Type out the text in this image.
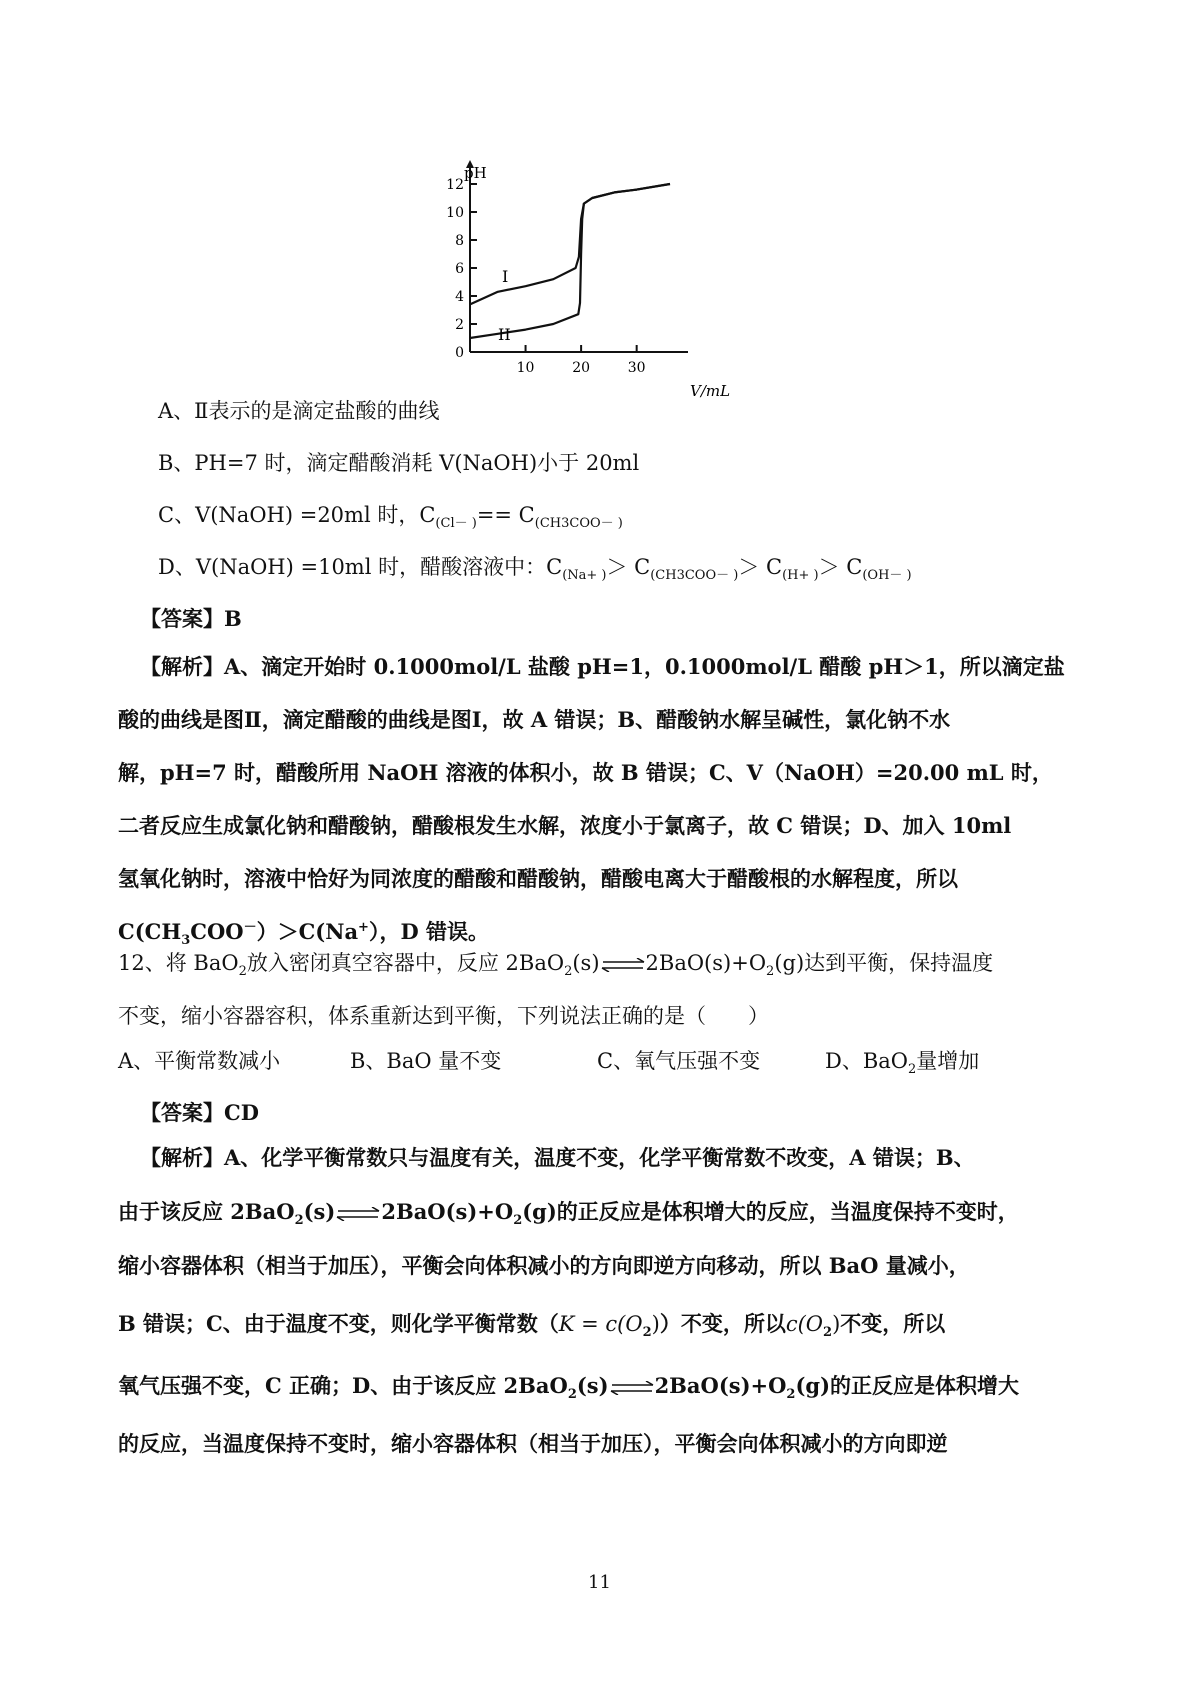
0
2
4
6
8
10
12
10	20	30
pH
V/mL
I
II
A、Ⅱ表示的是滴定盐酸的曲线
B、PH=7 时，滴定醋酸消耗 V(NaOH)小于 20ml
C、V(NaOH) =20ml 时，$C_{(Cl- )}== C_{(CH3COO- )}$
D、V(NaOH) =10ml 时，醋酸溶液中：$C_{(Na+ )}> C_{(CH3COO- )}> C_{(H+ )}> C_{(OH- )}$
【答案】B

【解析】A、滴定开始时 0.1000mol/L 盐酸 pH=1，0.1000mol/L 醋酸 pH＞1，所以滴定盐

酸的曲线是图Ⅱ，滴定醋酸的曲线是图Ⅰ，故 A 错误；B、醋酸钠水解呈碱性，氯化钠不水

解，pH=7 时，醋酸所用 NaOH 溶液的体积小，故 B 错误；C、V（NaOH）=20.00 mL 时，

二者反应生成氯化钠和醋酸钠，醋酸根发生水解，浓度小于氯离子，故 C 错误；D、加入 10ml

氢氧化钠时，溶液中恰好为同浓度的醋酸和醋酸钠，醋酸电离大于醋酸根的水解程度，所以

$C(CH_3COO^-)>C(Na^+)$，D 错误。

12、将 BaO$_2$放入密闭真空容器中，反应 $2BaO_2(s)\rightleftharpoons 2BaO(s)+O_2(g)$达到平衡，保持温度

不变，缩小容器容积，体系重新达到平衡，下列说法正确的是（　　）

A、平衡常数减小	B、BaO 量不变	C、氧气压强不变	D、BaO$_2$量增加
【答案】CD

【解析】A、化学平衡常数只与温度有关，温度不变，化学平衡常数不改变，A 错误；B、

由于该反应 $2BaO_2(s)\rightleftharpoons 2BaO(s)+O_2(g)$的正反应是体积增大的反应，当温度保持不变时，

缩小容器体积（相当于加压），平衡会向体积减小的方向即逆方向移动，所以 BaO 量减小，

B 错误；C、由于温度不变，则化学平衡常数$(K = c(O_2))$不变，所以$c(O_2)$不变，所以

氧气压强不变，C 正确；D、由于该反应 $2BaO_2(s)\rightleftharpoons 2BaO(s)+O_2(g)$的正反应是体积增大

的反应，当温度保持不变时，缩小容器体积（相当于加压），平衡会向体积减小的方向即逆

11
